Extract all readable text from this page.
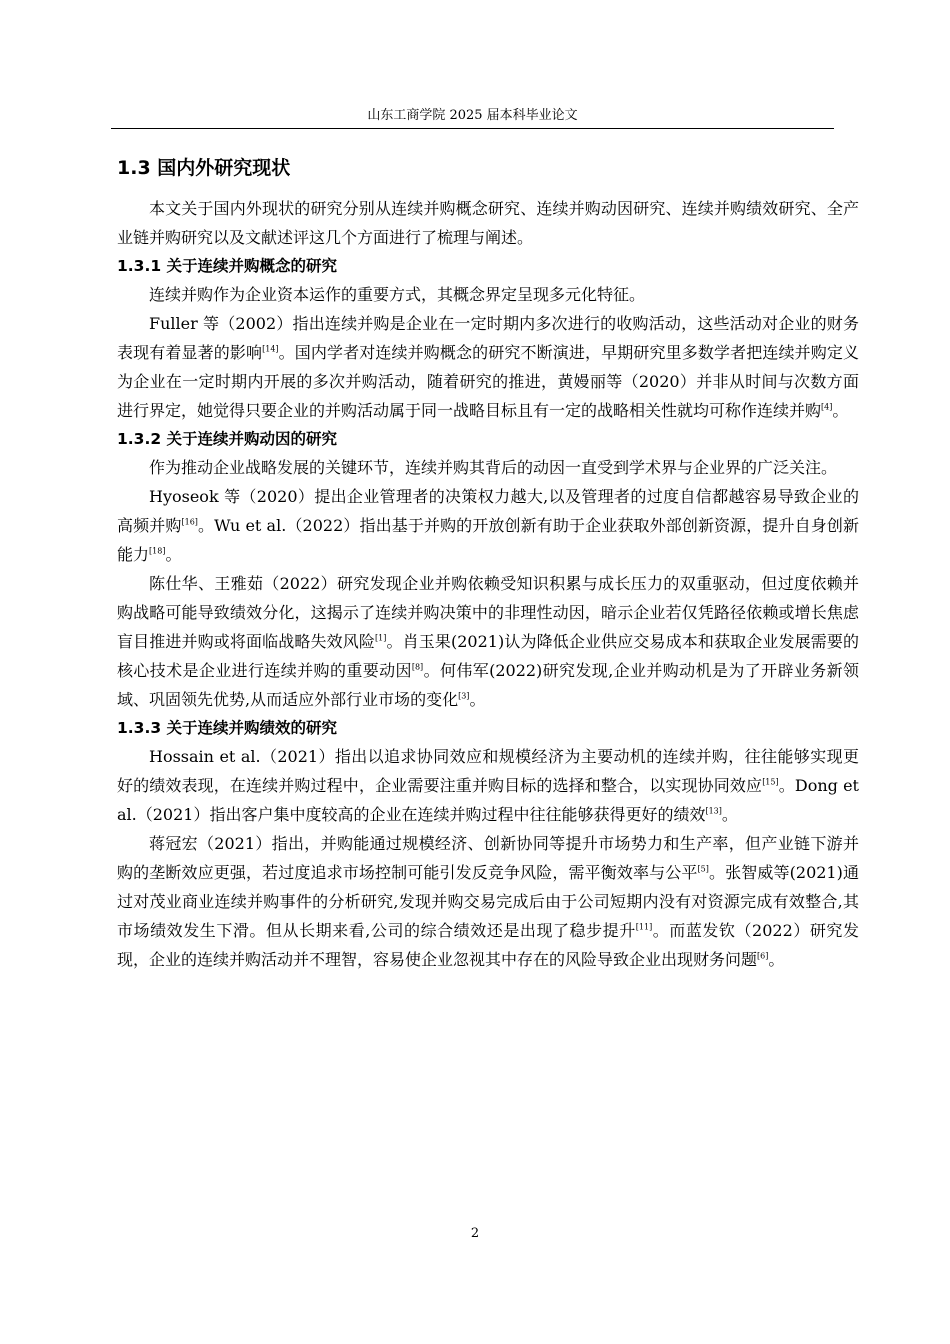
山东工商学院 2025 届本科毕业论文
1.3 国内外研究现状

本文关于国内外现状的研究分别从连续并购概念研究、连续并购动因研究、连续并购绩效研究、全产业链并购研究以及文献述评这几个方面进行了梳理与阐述。

1.3.1 关于连续并购概念的研究

连续并购作为企业资本运作的重要方式，其概念界定呈现多元化特征。

Fuller 等（2002）指出连续并购是企业在一定时期内多次进行的收购活动，这些活动对企业的财务表现有着显著的影响[14]。国内学者对连续并购概念的研究不断演进，早期研究里多数学者把连续并购定义为企业在一定时期内开展的多次并购活动，随着研究的推进，黄嫚丽等（2020）并非从时间与次数方面进行界定，她觉得只要企业的并购活动属于同一战略目标且有一定的战略相关性就均可称作连续并购[4]。

1.3.2 关于连续并购动因的研究

作为推动企业战略发展的关键环节，连续并购其背后的动因一直受到学术界与企业界的广泛关注。

Hyoseok 等（2020）提出企业管理者的决策权力越大,以及管理者的过度自信都越容易导致企业的高频并购[16]。Wu et al.（2022）指出基于并购的开放创新有助于企业获取外部创新资源，提升自身创新能力[18]。

陈仕华、王雅茹（2022）研究发现企业并购依赖受知识积累与成长压力的双重驱动，但过度依赖并购战略可能导致绩效分化，这揭示了连续并购决策中的非理性动因，暗示企业若仅凭路径依赖或增长焦虑盲目推进并购或将面临战略失效风险[1]。肖玉果(2021)认为降低企业供应交易成本和获取企业发展需要的核心技术是企业进行连续并购的重要动因[8]。何伟军(2022)研究发现,企业并购动机是为了开辟业务新领域、巩固领先优势,从而适应外部行业市场的变化[3]。

1.3.3 关于连续并购绩效的研究

Hossain et al.（2021）指出以追求协同效应和规模经济为主要动机的连续并购，往往能够实现更好的绩效表现，在连续并购过程中，企业需要注重并购目标的选择和整合，以实现协同效应[15]。Dong et al.（2021）指出客户集中度较高的企业在连续并购过程中往往能够获得更好的绩效[13]。

蒋冠宏（2021）指出，并购能通过规模经济、创新协同等提升市场势力和生产率，但产业链下游并购的垄断效应更强，若过度追求市场控制可能引发反竞争风险，需平衡效率与公平[5]。张智威等(2021)通过对茂业商业连续并购事件的分析研究,发现并购交易完成后由于公司短期内没有对资源完成有效整合,其市场绩效发生下滑。但从长期来看,公司的综合绩效还是出现了稳步提升[11]。而蓝发钦（2022）研究发现，企业的连续并购活动并不理智，容易使企业忽视其中存在的风险导致企业出现财务问题[6]。

2
